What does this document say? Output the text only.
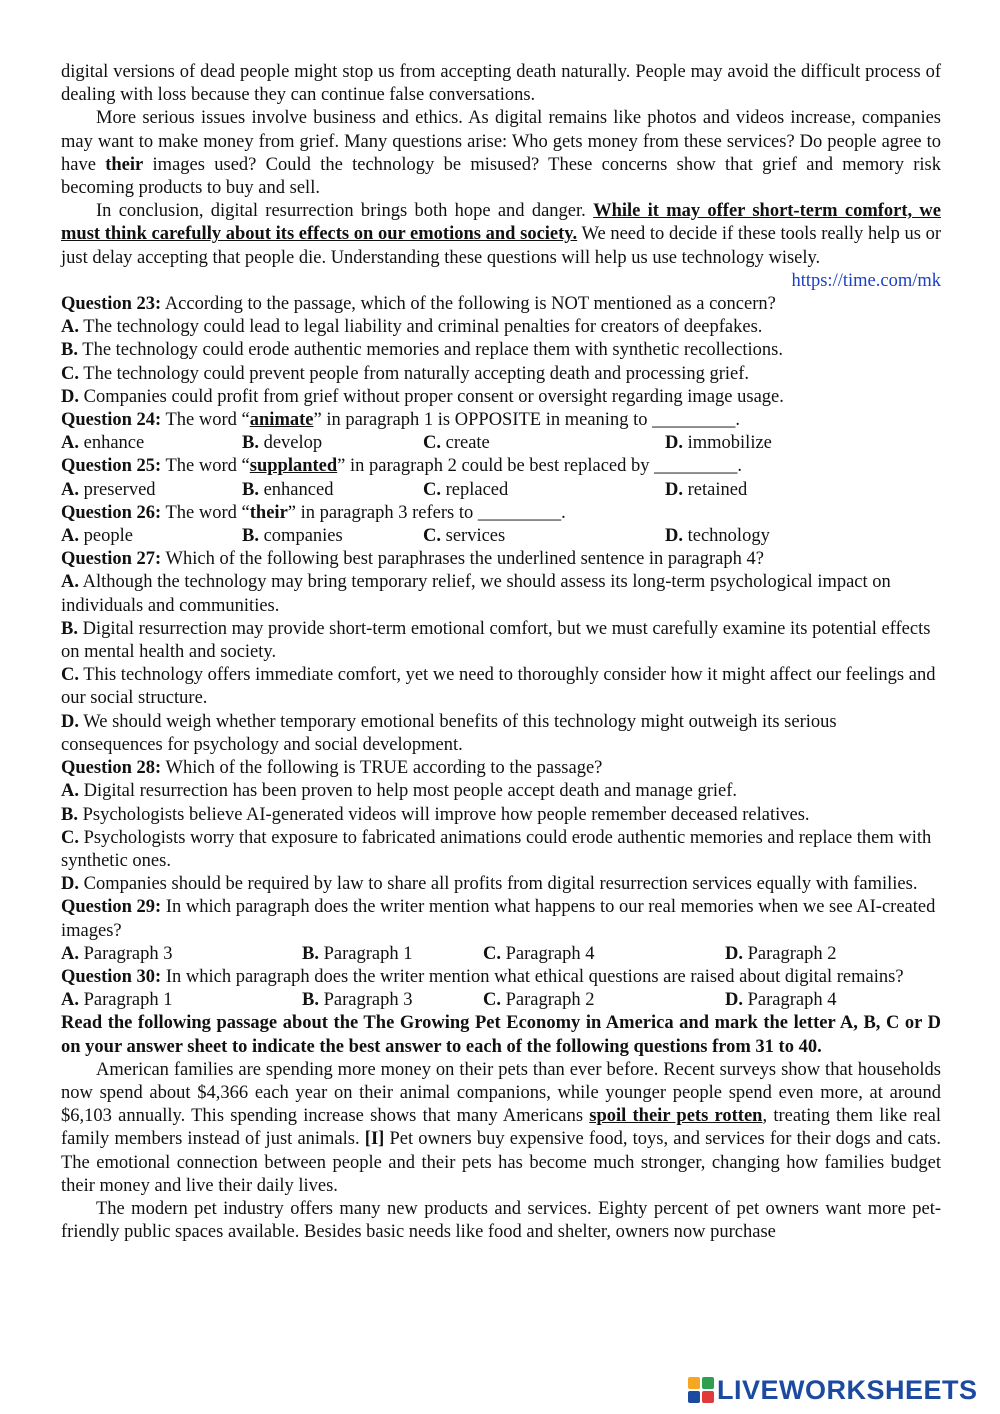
digital versions of dead people might stop us from accepting death naturally. People may avoid the difficult process of dealing with loss because they can continue false conversations.

More serious issues involve business and ethics. As digital remains like photos and videos increase, companies may want to make money from grief. Many questions arise: Who gets money from these services? Do people agree to have their images used? Could the technology be misused? These concerns show that grief and memory risk becoming products to buy and sell.

In conclusion, digital resurrection brings both hope and danger. While it may offer short-term comfort, we must think carefully about its effects on our emotions and society. We need to decide if these tools really help us or just delay accepting that people die. Understanding these questions will help us use technology wisely.

https://time.com/mk

Question 23: According to the passage, which of the following is NOT mentioned as a concern?

A. The technology could lead to legal liability and criminal penalties for creators of deepfakes.

B. The technology could erode authentic memories and replace them with synthetic recollections.

C. The technology could prevent people from naturally accepting death and processing grief.

D. Companies could profit from grief without proper consent or oversight regarding image usage.

Question 24: The word “animate” in paragraph 1 is OPPOSITE in meaning to _________.

A. enhance	B. develop	C. create	D. immobilize

Question 25: The word “supplanted” in paragraph 2 could be best replaced by _________.

A. preserved	B. enhanced	C. replaced	D. retained

Question 26: The word “their” in paragraph 3 refers to _________.

A. people	B. companies	C. services	D. technology

Question 27: Which of the following best paraphrases the underlined sentence in paragraph 4?

A. Although the technology may bring temporary relief, we should assess its long-term psychological impact on individuals and communities.

B. Digital resurrection may provide short-term emotional comfort, but we must carefully examine its potential effects on mental health and society.

C. This technology offers immediate comfort, yet we need to thoroughly consider how it might affect our feelings and our social structure.

D. We should weigh whether temporary emotional benefits of this technology might outweigh its serious consequences for psychology and social development.

Question 28: Which of the following is TRUE according to the passage?

A. Digital resurrection has been proven to help most people accept death and manage grief.

B. Psychologists believe AI-generated videos will improve how people remember deceased relatives.

C. Psychologists worry that exposure to fabricated animations could erode authentic memories and replace them with synthetic ones.

D. Companies should be required by law to share all profits from digital resurrection services equally with families.

Question 29: In which paragraph does the writer mention what happens to our real memories when we see AI-created images?

A. Paragraph 3	B. Paragraph 1	C. Paragraph 4	D. Paragraph 2

Question 30: In which paragraph does the writer mention what ethical questions are raised about digital remains?

A. Paragraph 1	B. Paragraph 3	C. Paragraph 2	D. Paragraph 4

Read the following passage about the The Growing Pet Economy in America and mark the letter A, B, C or D on your answer sheet to indicate the best answer to each of the following questions from 31 to 40.

American families are spending more money on their pets than ever before. Recent surveys show that households now spend about $4,366 each year on their animal companions, while younger people spend even more, at around $6,103 annually. This spending increase shows that many Americans spoil their pets rotten, treating them like real family members instead of just animals. [I] Pet owners buy expensive food, toys, and services for their dogs and cats. The emotional connection between people and their pets has become much stronger, changing how families budget their money and live their daily lives.

The modern pet industry offers many new products and services. Eighty percent of pet owners want more pet-friendly public spaces available. Besides basic needs like food and shelter, owners now purchase

LIVEWORKSHEETS
